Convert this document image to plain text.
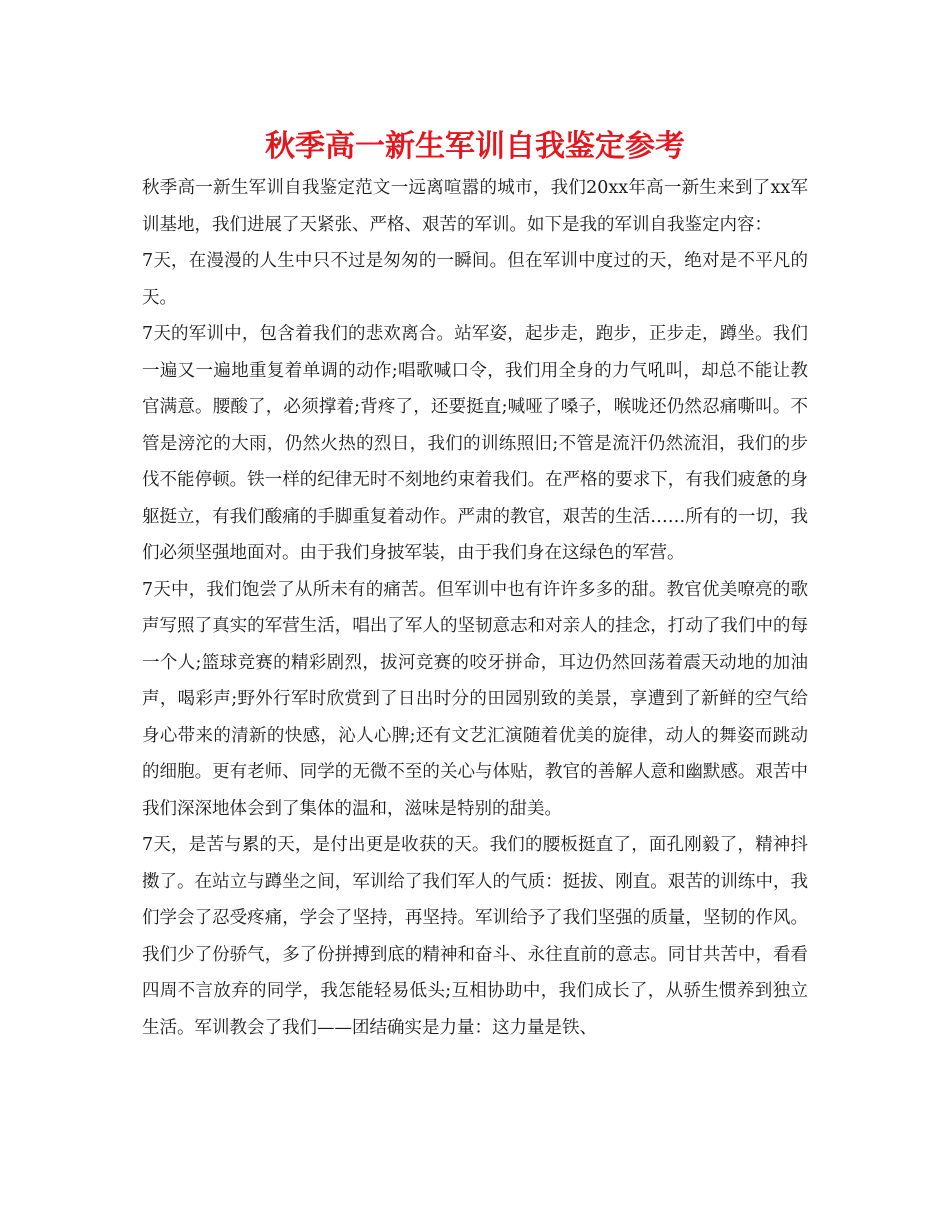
秋季高一新生军训自我鉴定参考

秋季高一新生军训自我鉴定范文一远离喧嚣的城市，我们20xx年高一新生来到了xx军训基地，我们进展了天紧张、严格、艰苦的军训。如下是我的军训自我鉴定内容：

7天，在漫漫的人生中只不过是匆匆的一瞬间。但在军训中度过的天，绝对是不平凡的天。

7天的军训中，包含着我们的悲欢离合。站军姿，起步走，跑步，正步走，蹲坐。我们一遍又一遍地重复着单调的动作;唱歌喊口令，我们用全身的力气吼叫，却总不能让教官满意。腰酸了，必须撑着;背疼了，还要挺直;喊哑了嗓子，喉咙还仍然忍痛嘶叫。不管是滂沱的大雨，仍然火热的烈日，我们的训练照旧;不管是流汗仍然流泪，我们的步伐不能停顿。铁一样的纪律无时不刻地约束着我们。在严格的要求下，有我们疲惫的身躯挺立，有我们酸痛的手脚重复着动作。严肃的教官，艰苦的生活……所有的一切，我们必须坚强地面对。由于我们身披军装，由于我们身在这绿色的军营。

7天中，我们饱尝了从所未有的痛苦。但军训中也有许许多多的甜。教官优美嘹亮的歌声写照了真实的军营生活，唱出了军人的坚韧意志和对亲人的挂念，打动了我们中的每一个人;篮球竞赛的精彩剧烈，拔河竞赛的咬牙拼命，耳边仍然回荡着震天动地的加油声，喝彩声;野外行军时欣赏到了日出时分的田园别致的美景，享遭到了新鲜的空气给身心带来的清新的快感，沁人心脾;还有文艺汇演随着优美的旋律，动人的舞姿而跳动的细胞。更有老师、同学的无微不至的关心与体贴，教官的善解人意和幽默感。艰苦中我们深深地体会到了集体的温和，滋味是特别的甜美。

7天，是苦与累的天，是付出更是收获的天。我们的腰板挺直了，面孔刚毅了，精神抖擞了。在站立与蹲坐之间，军训给了我们军人的气质：挺拔、刚直。艰苦的训练中，我们学会了忍受疼痛，学会了坚持，再坚持。军训给予了我们坚强的质量，坚韧的作风。我们少了份骄气，多了份拼搏到底的精神和奋斗、永往直前的意志。同甘共苦中，看看四周不言放弃的同学，我怎能轻易低头;互相协助中，我们成长了，从骄生惯养到独立生活。军训教会了我们——团结确实是力量：这力量是铁、
